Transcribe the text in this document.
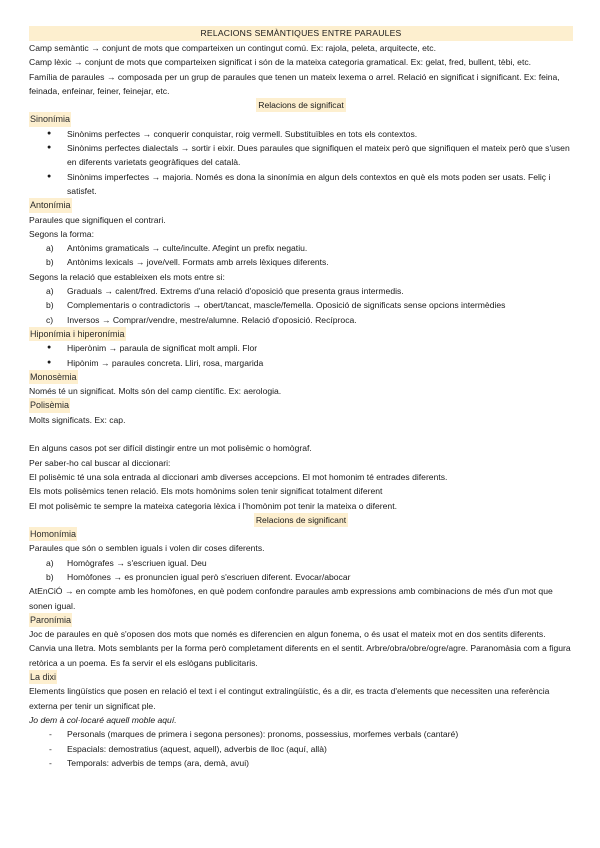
RELACIONS SEMÀNTIQUES ENTRE PARAULES

Camp semàntic → conjunt de mots que comparteixen un contingut comú. Ex: rajola, peleta, arquitecte, etc.

Camp lèxic → conjunt de mots que comparteixen significat i són de la mateixa categoria gramatical. Ex: gelat, fred, bullent, tèbi, etc.

Família de paraules → composada per un grup de paraules que tenen un mateix lexema o arrel. Relació en significat i significant. Ex: feina, feinada, enfeinar, feiner, feinejar, etc.

Relacions de significat

Sinonímia

● Sinònims perfectes → conquerir conquistar, roig vermell. Substituïbles en tots els contextos.
● Sinònims perfectes dialectals → sortir i eixir. Dues paraules que signifiquen el mateix però que signifiquen el mateix però que s'usen en diferents varietats geogràfiques del català.
● Sinònims imperfectes → majoria. Només es dona la sinonímia en algun dels contextos en què els mots poden ser usats. Feliç i satisfet.

Antonímia

Paraules que signifiquen el contrari.

Segons la forma:

a) Antònims gramaticals → culte/inculte. Afegint un prefix negatiu.
b) Antònims lexicals → jove/vell. Formats amb arrels lèxiques diferents.

Segons la relació que estableixen els mots entre si:

a) Graduals → calent/fred. Extrems d'una relació d'oposició que presenta graus intermedis.
b) Complementaris o contradictoris → obert/tancat, mascle/femella. Oposició de significats sense opcions intermèdies
c) Inversos → Comprar/vendre, mestre/alumne. Relació d'oposició. Recíproca.

Hiponímia i hiperonímia

● Hiperònim → paraula de significat molt ampli. Flor
● Hipònim → paraules concreta. Lliri, rosa, margarida

Monosèmia

Només té un significat. Molts són del camp científic. Ex: aerologia.

Polisèmia

Molts significats. Ex: cap.

En alguns casos pot ser difícil distingir entre un mot polisèmic o homògraf.

Per saber-ho cal buscar al diccionari:

El polisèmic té una sola entrada al diccionari amb diverses accepcions. El mot homonim té entrades diferents.

Els mots polisèmics tenen relació. Els mots homònims solen tenir significat totalment diferent

El mot polisèmic te sempre la mateixa categoria lèxica i l'homònim pot tenir la mateixa o diferent.

Relacions de significant

Homonímia

Paraules que són o semblen iguals i volen dir coses diferents.

a) Homògrafes → s'escriuen igual. Deu
b) Homòfones → es pronuncien igual però s'escriuen diferent. Evocar/abocar

AtEnCiÓ → en compte amb les homòfones, en què podem confondre paraules amb expressions amb combinacions de més d'un mot que sonen igual.

Paronímia

Joc de paraules en què s'oposen dos mots que només es diferencien en algun fonema, o és usat el mateix mot en dos sentits diferents. Canvia una lletra. Mots semblants per la forma però completament diferents en el sentit. Arbre/obra/obre/ogre/agre. Paranomàsia com a figura retòrica a un poema. Es fa servir el els eslògans publicitaris.

La dixi

Elements lingüístics que posen en relació el text i el contingut extralingüístic, és a dir, es tracta d'elements que necessiten una referència externa per tenir un significat ple.

Jo dem à col·locaré aquell moble aquí.

- Personals (marques de primera i segona persones): pronoms, possessius, morfemes verbals (cantaré)
- Espacials: demostratius (aquest, aquell), adverbis de lloc (aquí, allà)
- Temporals: adverbis de temps (ara, demà, avui)
